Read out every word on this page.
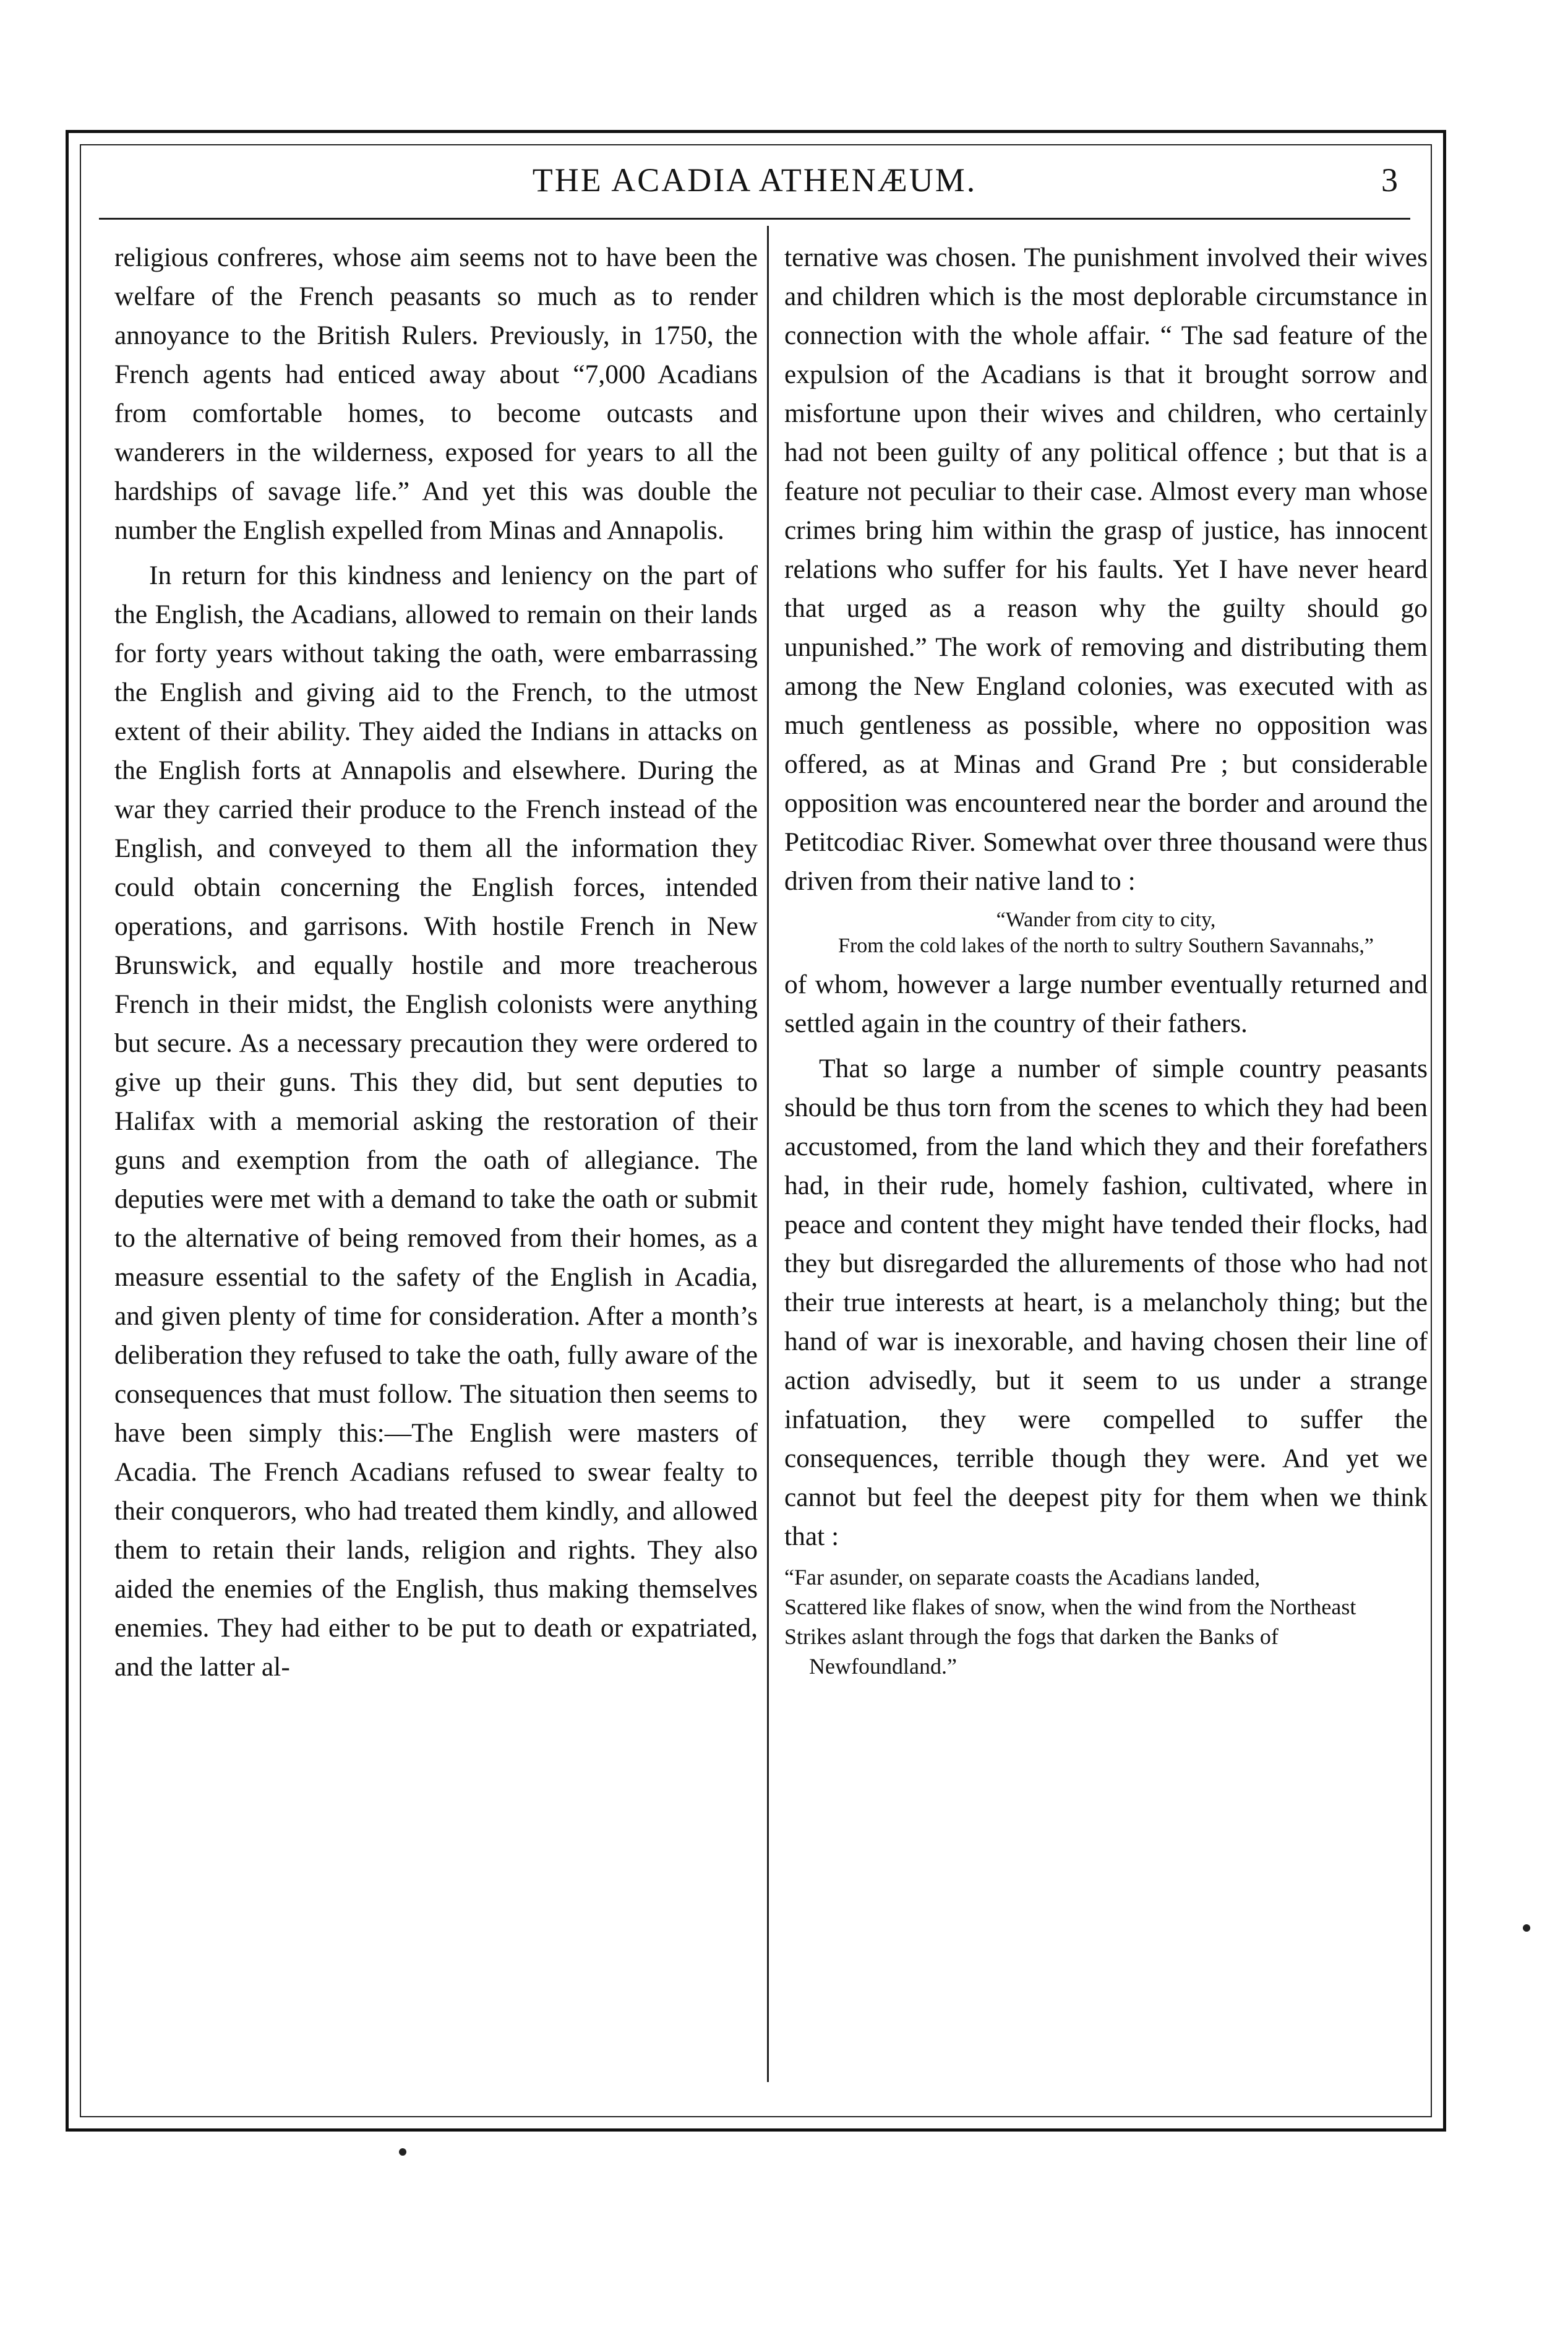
THE ACADIA ATHENÆUM.	3

religious confreres, whose aim seems not to have been the welfare of the French peasants so much as to render annoyance to the British Rulers. Previously, in 1750, the French agents had enticed away about “7,000 Acadians from comfortable homes, to become outcasts and wanderers in the wilderness, exposed for years to all the hardships of savage life.” And yet this was double the number the English expelled from Minas and Annapolis.

In return for this kindness and leniency on the part of the English, the Acadians, allowed to remain on their lands for forty years without taking the oath, were embarrassing the English and giving aid to the French, to the utmost extent of their ability. They aided the Indians in attacks on the English forts at Annapolis and elsewhere. During the war they carried their produce to the French instead of the English, and conveyed to them all the information they could obtain concerning the English forces, intended operations, and garrisons. With hostile French in New Brunswick, and equally hostile and more treacherous French in their midst, the English colonists were anything but secure. As a necessary precaution they were ordered to give up their guns. This they did, but sent deputies to Halifax with a memorial asking the restoration of their guns and exemption from the oath of allegiance. The deputies were met with a demand to take the oath or submit to the alternative of being removed from their homes, as a measure essential to the safety of the English in Acadia, and given plenty of time for consideration. After a month’s deliberation they refused to take the oath, fully aware of the consequences that must follow. The situation then seems to have been simply this:—The English were masters of Acadia. The French Acadians refused to swear fealty to their conquerors, who had treated them kindly, and allowed them to retain their lands, religion and rights. They also aided the enemies of the English, thus making themselves enemies. They had either to be put to death or expatriated, and the latter al-

ternative was chosen. The punishment involved their wives and children which is the most deplorable circumstance in connection with the whole affair. “ The sad feature of the expulsion of the Acadians is that it brought sorrow and misfortune upon their wives and children, who certainly had not been guilty of any political offence ; but that is a feature not peculiar to their case. Almost every man whose crimes bring him within the grasp of justice, has innocent relations who suffer for his faults. Yet I have never heard that urged as a reason why the guilty should go unpunished.” The work of removing and distributing them among the New England colonies, was executed with as much gentleness as possible, where no opposition was offered, as at Minas and Grand Pre ; but considerable opposition was encountered near the border and around the Petitcodiac River. Somewhat over three thousand were thus driven from their native land to :

“Wander from city to city,
From the cold lakes of the north to sultry Southern Savannahs,”

of whom, however a large number eventually returned and settled again in the country of their fathers.

That so large a number of simple country peasants should be thus torn from the scenes to which they had been accustomed, from the land which they and their forefathers had, in their rude, homely fashion, cultivated, where in peace and content they might have tended their flocks, had they but disregarded the allurements of those who had not their true interests at heart, is a melancholy thing; but the hand of war is inexorable, and having chosen their line of action advisedly, but it seem to us under a strange infatuation, they were compelled to suffer the consequences, terrible though they were. And yet we cannot but feel the deepest pity for them when we think that :

“Far asunder, on separate coasts the Acadians landed,
Scattered like flakes of snow, when the wind from the Northeast
Strikes aslant through the fogs that darken the Banks of Newfoundland.”
